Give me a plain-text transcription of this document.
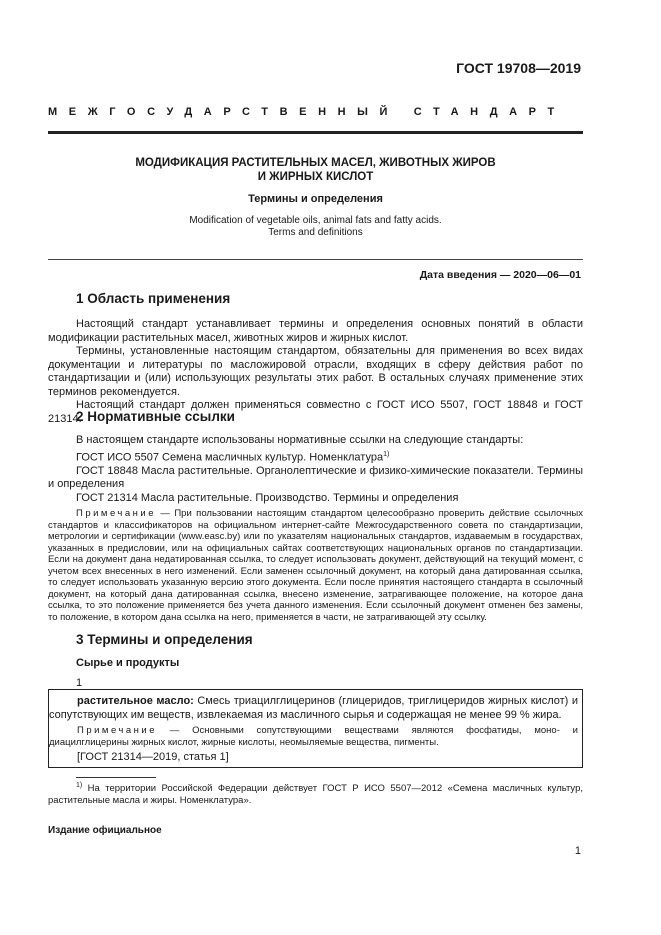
ГОСТ 19708—2019
МЕЖГОСУДАРСТВЕННЫЙ СТАНДАРТ
МОДИФИКАЦИЯ РАСТИТЕЛЬНЫХ МАСЕЛ, ЖИВОТНЫХ ЖИРОВ
И ЖИРНЫХ КИСЛОТ
Термины и определения
Modification of vegetable oils, animal fats and fatty acids.
Terms and definitions
Дата введения — 2020—06—01
1 Область применения
Настоящий стандарт устанавливает термины и определения основных понятий в области модификации растительных масел, животных жиров и жирных кислот.
Термины, установленные настоящим стандартом, обязательны для применения во всех видах документации и литературы по масложировой отрасли, входящих в сферу действия работ по стандартизации и (или) использующих результаты этих работ. В остальных случаях применение этих терминов рекомендуется.
Настоящий стандарт должен применяться совместно с ГОСТ ИСО 5507, ГОСТ 18848 и ГОСТ 21314.
2 Нормативные ссылки
В настоящем стандарте использованы нормативные ссылки на следующие стандарты:
ГОСТ ИСО 5507 Семена масличных культур. Номенклатура$^{1)}$
ГОСТ 18848 Масла растительные. Органолептические и физико-химические показатели. Термины и определения
ГОСТ 21314 Масла растительные. Производство. Термины и определения
Примечание — При пользовании настоящим стандартом целесообразно проверить действие ссылочных стандартов и классификаторов на официальном интернет-сайте Межгосударственного совета по стандартизации, метрологии и сертификации (www.easc.by) или по указателям национальных стандартов, издаваемым в государствах, указанных в предисловии, или на официальных сайтах соответствующих национальных органов по стандартизации. Если на документ дана недатированная ссылка, то следует использовать документ, действующий на текущий момент, с учетом всех внесенных в него изменений. Если заменен ссылочный документ, на который дана датированная ссылка, то следует использовать указанную версию этого документа. Если после принятия настоящего стандарта в ссылочный документ, на который дана датированная ссылка, внесено изменение, затрагивающее положение, на которое дана ссылка, то это положение применяется без учета данного изменения. Если ссылочный документ отменен без замены, то положение, в котором дана ссылка на него, применяется в части, не затрагивающей эту ссылку.
3 Термины и определения
Сырье и продукты
1
растительное масло: Смесь триацилглицеринов (глицеридов, триглицеридов жирных кислот) и сопутствующих им веществ, извлекаемая из масличного сырья и содержащая не менее 99 % жира.
Примечание — Основными сопутствующими веществами являются фосфатиды, моно- и диацилглицерины жирных кислот, жирные кислоты, неомыляемые вещества, пигменты.
[ГОСТ 21314—2019, статья 1]
$^{1)}$ На территории Российской Федерации действует ГОСТ Р ИСО 5507—2012 «Семена масличных культур, растительные масла и жиры. Номенклатура».
Издание официальное
1
